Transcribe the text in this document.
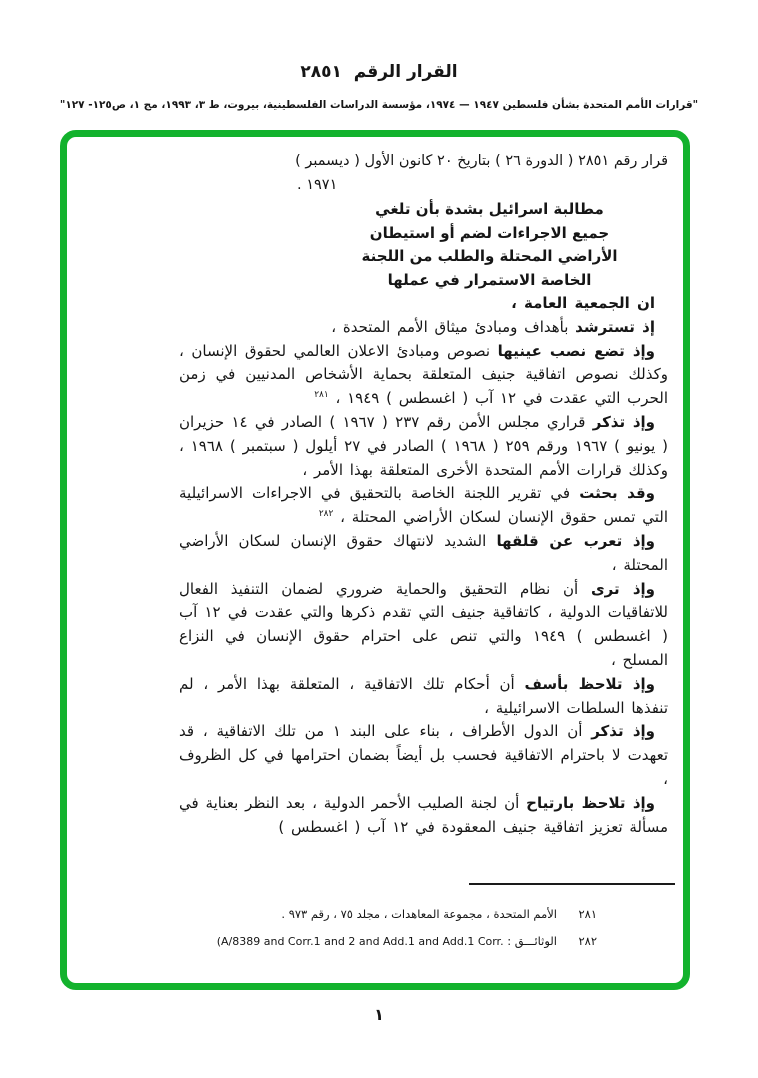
القرار الرقم  ٢٨٥١
"قرارات الأمم المتحدة بشأن فلسطين ١٩٤٧ — ١٩٧٤، مؤسسة الدراسات الفلسطينية، بيروت، ط ٣، ١٩٩٣، مج ١، ص١٢٥- ١٢٧"
قرار رقم ٢٨٥١ ( الدورة ٢٦ ) بتاريخ ٢٠ كانون الأول ( ديسمبر )
١٩٧١ .
مطالبة اسرائيل بشدة بأن تلغي
جميع الاجراءات لضم أو استيطان
الأراضي المحتلة والطلب من اللجنة
الخاصة الاستمرار في عملها

ان الجمعية العامة ،

إذ تسترشد بأهداف ومبادئ ميثاق الأمم المتحدة ،

وإذ تضع نصب عينيها نصوص ومبادئ الاعلان العالمي لحقوق الإنسان ، وكذلك نصوص اتفاقية جنيف المتعلقة بحماية الأشخاص المدنيين في زمن الحرب التي عقدت في ١٢ آب ( اغسطس ) ١٩٤٩ ، $^{٢٨١}$

وإذ تذكر قراري مجلس الأمن رقم ٢٣٧ ( ١٩٦٧ ) الصادر في ١٤ حزيران ( يونيو ) ١٩٦٧ ورقم ٢٥٩ ( ١٩٦٨ ) الصادر في ٢٧ أيلول ( سبتمبر ) ١٩٦٨ ، وكذلك قرارات الأمم المتحدة الأخرى المتعلقة بهذا الأمر ،

وقد بحثت في تقرير اللجنة الخاصة بالتحقيق في الاجراءات الاسرائيلية التي تمس حقوق الإنسان لسكان الأراضي المحتلة ، $^{٢٨٢}$

وإذ تعرب عن قلقها الشديد لانتهاك حقوق الإنسان لسكان الأراضي المحتلة ،

وإذ ترى أن نظام التحقيق والحماية ضروري لضمان التنفيذ الفعال للاتفاقيات الدولية ، كاتفاقية جنيف التي تقدم ذكرها والتي عقدت في ١٢ آب ( اغسطس ) ١٩٤٩ والتي تنص على احترام حقوق الإنسان في النزاع المسلح ،

وإذ تلاحظ بأسف أن أحكام تلك الاتفاقية ، المتعلقة بهذا الأمر ، لم تنفذها السلطات الاسرائيلية ،

وإذ تذكر أن الدول الأطراف ، بناء على البند ١ من تلك الاتفاقية ، قد تعهدت لا باحترام الاتفاقية فحسب بل أيضاً بضمان احترامها في كل الظروف ،

وإذ تلاحظ بارتياح أن لجنة الصليب الأحمر الدولية ، بعد النظر بعناية في مسألة تعزيز اتفاقية جنيف المعقودة في ١٢ آب ( اغسطس )

٢٨١
الأمم المتحدة ، مجموعة المعاهدات ، مجلد ٧٥ ، رقم ٩٧٣ .
٢٨٢
الوثائـــق : (A/8389 and Corr.1 and 2 and Add.1 and Add.1 Corr.
١
